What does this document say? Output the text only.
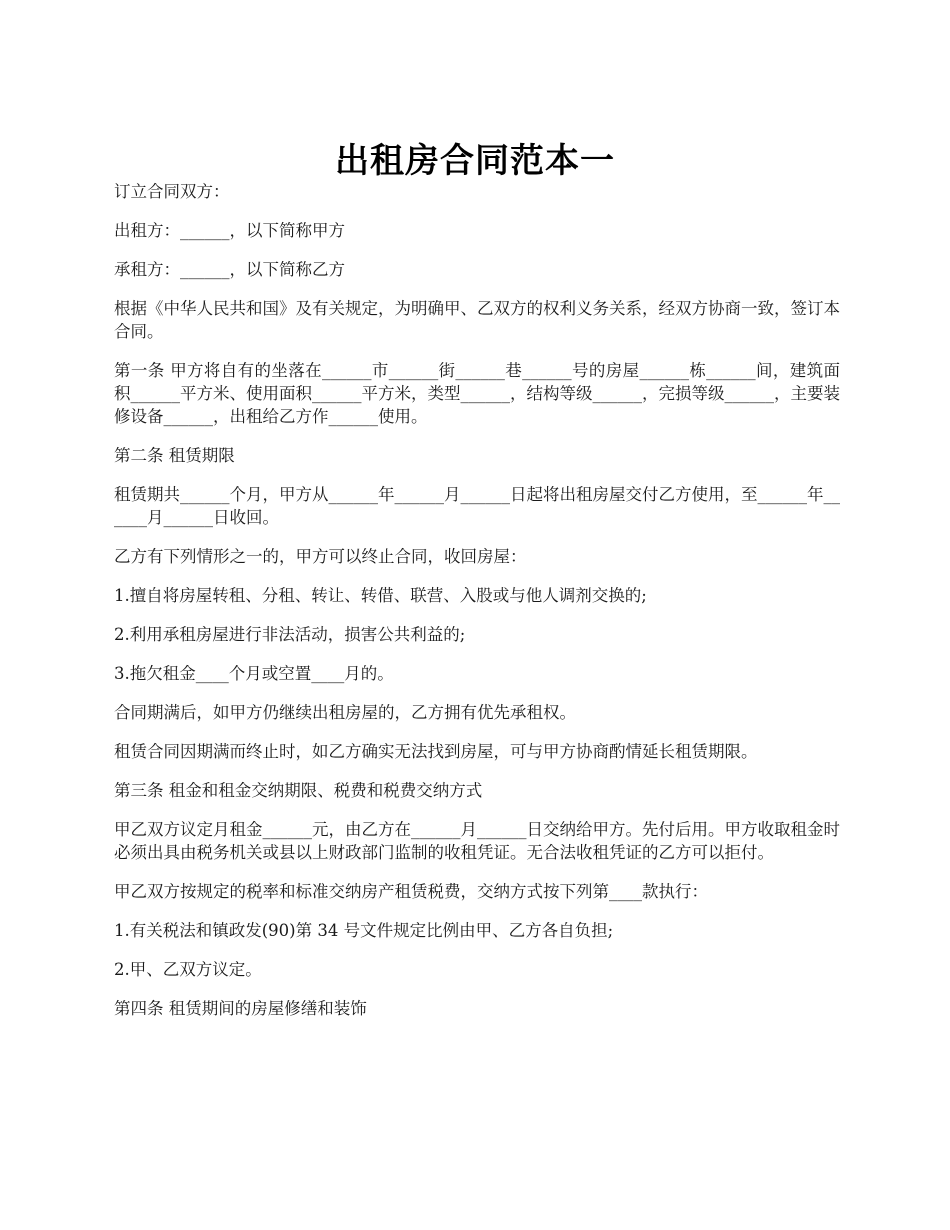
出租房合同范本一

订立合同双方：

出租方：______，以下简称甲方

承租方：______，以下简称乙方

根据《中华人民共和国》及有关规定，为明确甲、乙双方的权利义务关系，经双方协商一致，签订本合同。

第一条 甲方将自有的坐落在______市______街______巷______号的房屋______栋______间，建筑面积______平方米、使用面积______平方米，类型______，结构等级______，完损等级______，主要装修设备______，出租给乙方作______使用。

第二条 租赁期限

租赁期共______个月，甲方从______年______月______日起将出租房屋交付乙方使用，至______年______月______日收回。

乙方有下列情形之一的，甲方可以终止合同，收回房屋：

1.擅自将房屋转租、分租、转让、转借、联营、入股或与他人调剂交换的;

2.利用承租房屋进行非法活动，损害公共利益的;

3.拖欠租金____个月或空置____月的。

合同期满后，如甲方仍继续出租房屋的，乙方拥有优先承租权。

租赁合同因期满而终止时，如乙方确实无法找到房屋，可与甲方协商酌情延长租赁期限。

第三条 租金和租金交纳期限、税费和税费交纳方式

甲乙双方议定月租金______元，由乙方在______月______日交纳给甲方。先付后用。甲方收取租金时必须出具由税务机关或县以上财政部门监制的收租凭证。无合法收租凭证的乙方可以拒付。

甲乙双方按规定的税率和标准交纳房产租赁税费，交纳方式按下列第____款执行：

1.有关税法和镇政发(90)第 34 号文件规定比例由甲、乙方各自负担;

2.甲、乙双方议定。

第四条 租赁期间的房屋修缮和装饰
